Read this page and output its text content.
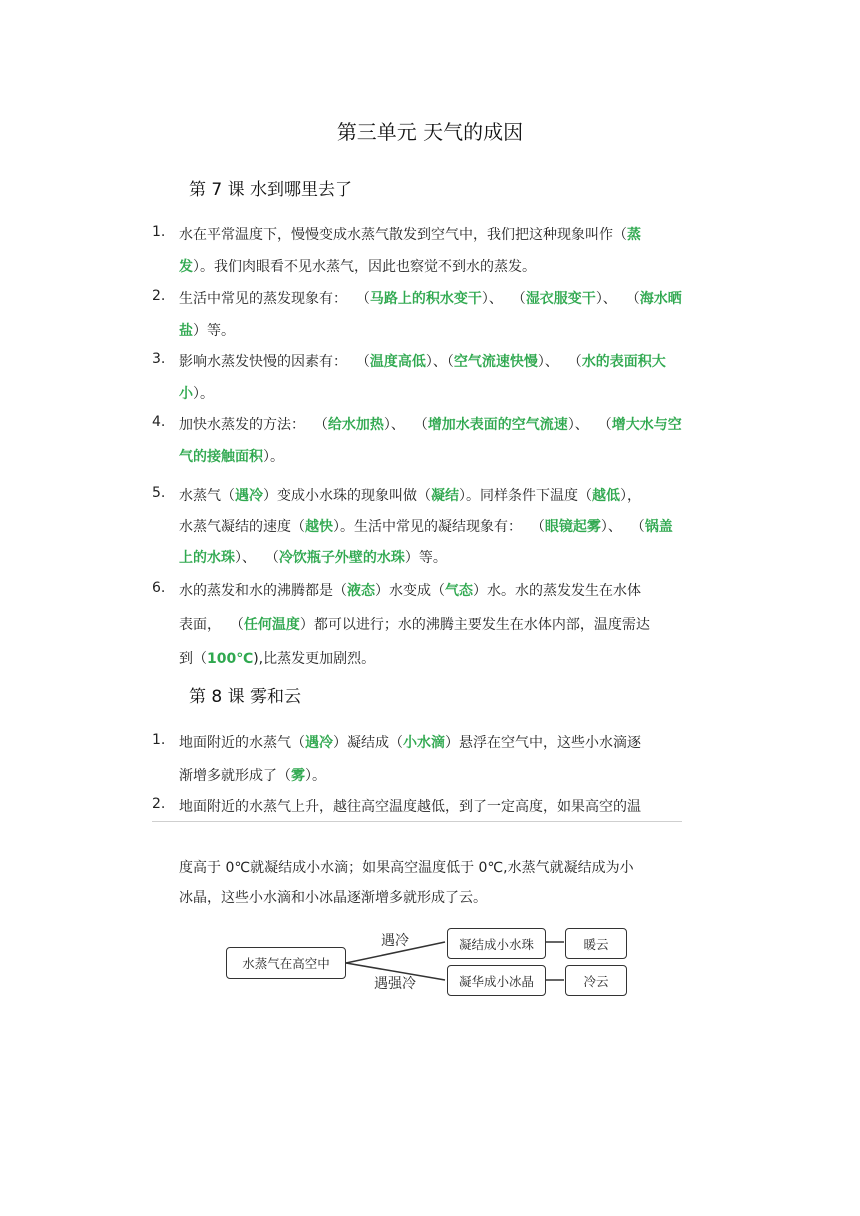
第三单元 天气的成因
第 7 课 水到哪里去了
1. 水在平常温度下，慢慢变成水蒸气散发到空气中，我们把这种现象叫作（蒸
发）。我们肉眼看不见水蒸气，因此也察觉不到水的蒸发。
2. 生活中常见的蒸发现象有：  （马路上的积水变干）、  （湿衣服变干）、  （海水晒
盐）等。
3. 影响水蒸发快慢的因素有：  （温度高低）、（空气流速快慢）、  （水的表面积大
小）。
4. 加快水蒸发的方法：  （给水加热）、  （增加水表面的空气流速）、  （增大水与空
气的接触面积）。
5. 水蒸气（遇冷）变成小水珠的现象叫做（凝结）。同样条件下温度（越低），
水蒸气凝结的速度（越快）。生活中常见的凝结现象有：  （眼镜起雾）、  （锅盖
上的水珠）、  （冷饮瓶子外壁的水珠）等。
6. 水的蒸发和水的沸腾都是（液态）水变成（气态）水。水的蒸发发生在水体
表面，  （任何温度）都可以进行；水的沸腾主要发生在水体内部，温度需达
到（100℃),比蒸发更加剧烈。
第 8 课 雾和云
1. 地面附近的水蒸气（遇冷）凝结成（小水滴）悬浮在空气中，这些小水滴逐
渐增多就形成了（雾）。
2. 地面附近的水蒸气上升，越往高空温度越低，到了一定高度，如果高空的温
度高于 0℃就凝结成小水滴；如果高空温度低于 0℃,水蒸气就凝结成为小
冰晶，这些小水滴和小冰晶逐渐增多就形成了云。
水蒸气在高空中
遇冷
遇强冷
凝结成小水珠
凝华成小冰晶
暖云
冷云
